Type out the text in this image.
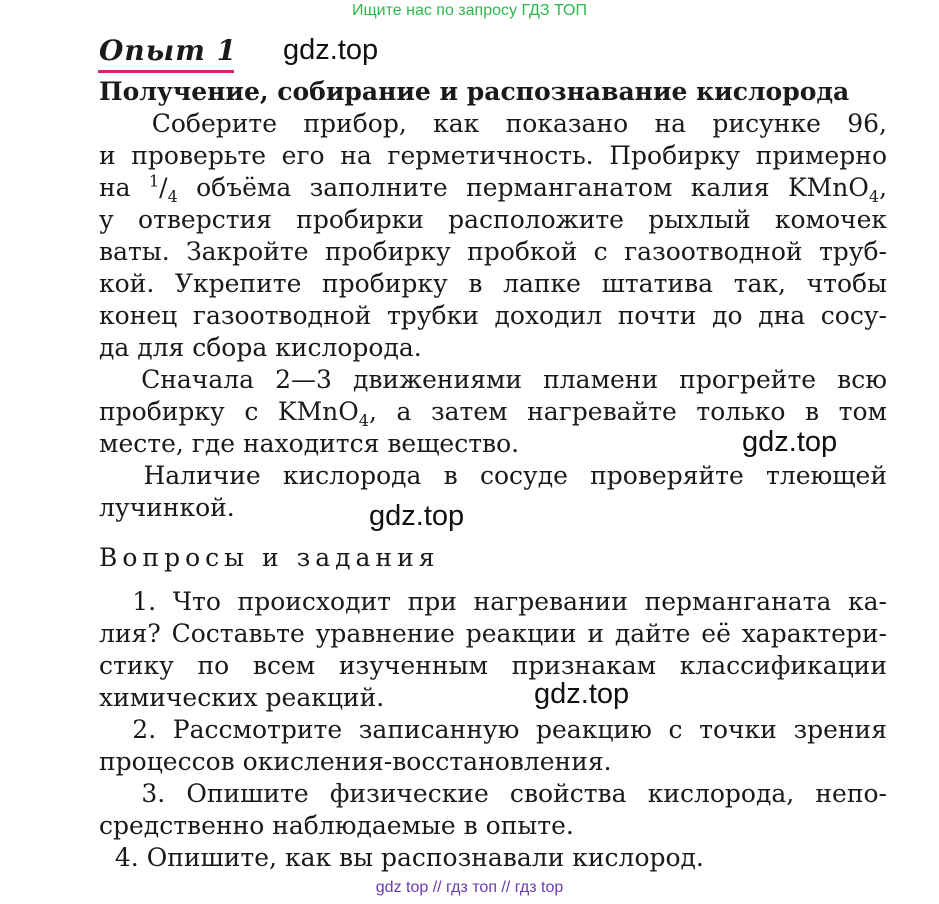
Ищите нас по запросу ГДЗ ТОП
Опыт 1 gdz.top
Получение, собирание и распознавание кислорода
Соберите прибор, как показано на рисунке 96,
и проверьте его на герметичность. Пробирку примерно
на $^1/_4$ объёма заполните перманганатом калия KMnO$_4$,
у отверстия пробирки расположите рыхлый комочек
ваты. Закройте пробирку пробкой с газоотводной труб-
кой. Укрепите пробирку в лапке штатива так, чтобы
конец газоотводной трубки доходил почти до дна сосу-
да для сбора кислорода.
Сначала 2—3 движениями пламени прогрейте всю
пробирку с KMnO$_4$, а затем нагревайте только в том
месте, где находится вещество.	gdz.top
Наличие кислорода в сосуде проверяйте тлеющей
лучинкой.	gdz.top
Вопросы и задания
1. Что происходит при нагревании перманганата ка-
лия? Составьте уравнение реакции и дайте её характери-
стику по всем изученным признакам классификации
химических реакций.	gdz.top
2. Рассмотрите записанную реакцию с точки зрения
процессов окисления-восстановления.
3. Опишите физические свойства кислорода, непо-
средственно наблюдаемые в опыте.
4. Опишите, как вы распознавали кислород.
gdz top // гдз топ // гдз top
